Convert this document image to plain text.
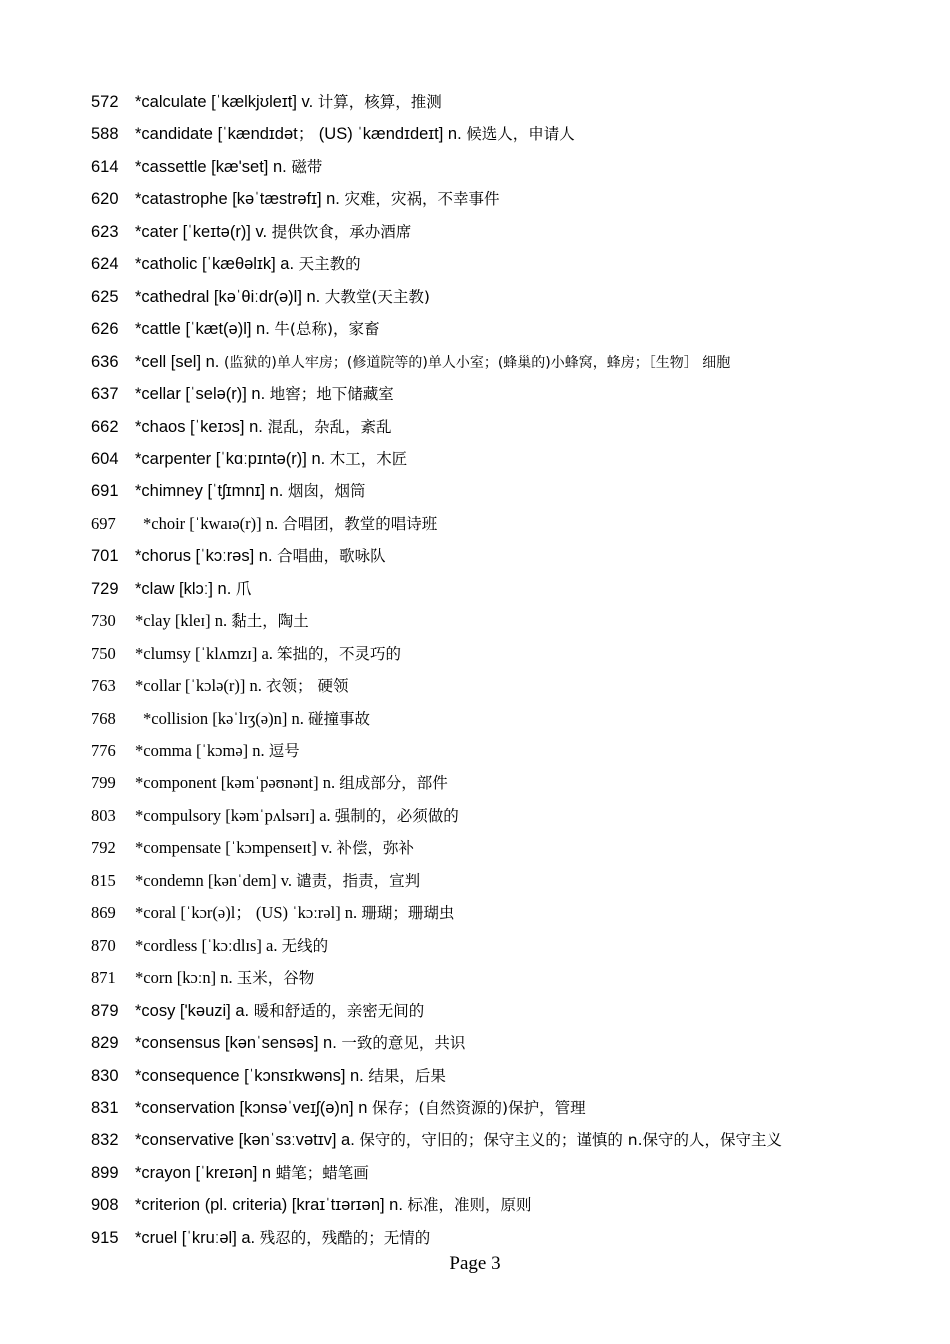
572 *calculate [ˈkælkjʊleɪt] v. 计算，核算，推测
588 *candidate [ˈkændɪdət； (US) ˈkændɪdeɪt] n. 候选人，申请人
614 *cassettle [kæ'set] n. 磁带
620 *catastrophe [kəˈtæstrəfɪ] n. 灾难，灾祸，不幸事件
623 *cater [ˈkeɪtə(r)] v. 提供饮食，承办酒席
624 *catholic [ˈkæθəlɪk] a. 天主教的
625 *cathedral [kəˈθiːdr(ə)l] n. 大教堂(天主教)
626 *cattle [ˈkæt(ə)l] n. 牛(总称)，家畜
636 *cell [sel] n. (监狱的)单人牢房；(修道院等的)单人小室；(蜂巢的)小蜂窝，蜂房；［生物］ 细胞
637 *cellar [ˈselə(r)] n. 地窖；地下储藏室
662 *chaos [ˈkeɪɔs] n. 混乱，杂乱，紊乱
604 *carpenter [ˈkɑːpɪntə(r)] n. 木工，木匠
691 *chimney [ˈtʃɪmnɪ] n. 烟囱，烟筒
697 *choir [ˈkwaɪə(r)] n. 合唱团，教堂的唱诗班
701 *chorus [ˈkɔːrəs] n. 合唱曲，歌咏队
729 *claw [klɔː] n. 爪
730 *clay [kleɪ] n. 黏土，陶土
750 *clumsy [ˈklʌmzɪ] a. 笨拙的，不灵巧的
763 *collar [ˈkɔlə(r)] n. 衣领； 硬领
768 *collision [kəˈlɪʒ(ə)n] n. 碰撞事故
776 *comma [ˈkɔmə] n. 逗号
799 *component [kəmˈpəʊnənt] n. 组成部分，部件
803 *compulsory [kəmˈpʌlsərɪ] a. 强制的，必须做的
792 *compensate [ˈkɔmpenseɪt] v. 补偿，弥补
815 *condemn [kənˈdem] v. 谴责，指责，宣判
869 *coral [ˈkɔr(ə)l； (US) ˈkɔːrəl] n. 珊瑚；珊瑚虫
870 *cordless [ˈkɔːdlɪs] a. 无线的
871 *corn [kɔːn] n. 玉米，谷物
879 *cosy ['kəuzi] a. 暖和舒适的，亲密无间的
829 *consensus [kənˈsensəs] n. 一致的意见，共识
830 *consequence [ˈkɔnsɪkwəns] n. 结果，后果
831 *conservation [kɔnsəˈveɪʃ(ə)n] n 保存；(自然资源的)保护，管理
832 *conservative [kənˈsɜːvətɪv] a. 保守的，守旧的；保守主义的；谨慎的 n.保守的人，保守主义
899 *crayon [ˈkreɪən] n 蜡笔；蜡笔画
908 *criterion (pl. criteria) [kraɪˈtɪərɪən] n. 标准，准则，原则
915 *cruel [ˈkruːəl] a. 残忍的，残酷的；无情的
Page 3
